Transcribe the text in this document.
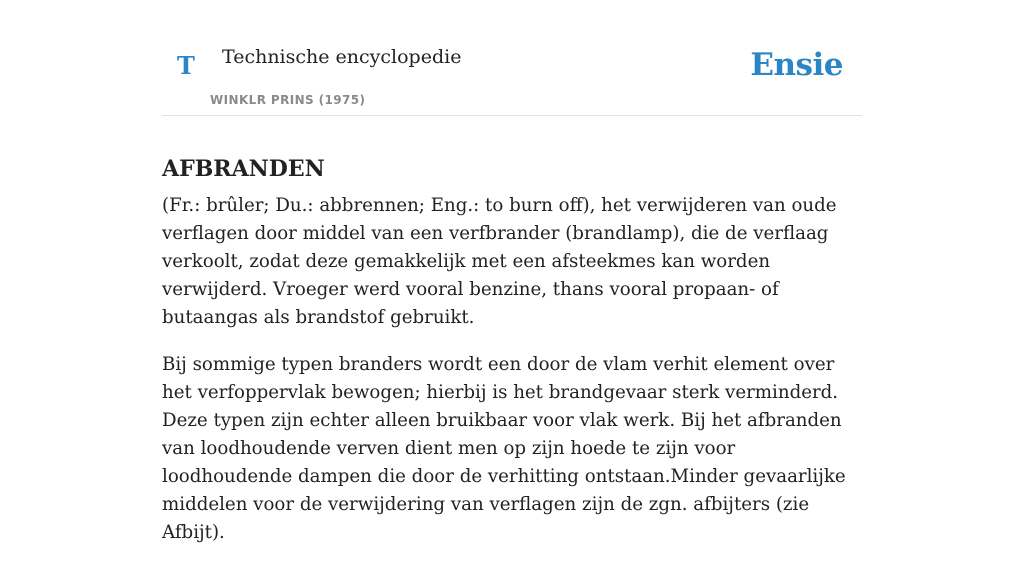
T Technische encyclopedie
WINKLR PRINS (1975)
Ensie
AFBRANDEN

(Fr.: brûler; Du.: abbrennen; Eng.: to burn off), het verwijderen van oude verflagen door middel van een verfbrander (brandlamp), die de verflaag verkoolt, zodat deze gemakkelijk met een afsteekmes kan worden verwijderd. Vroeger werd vooral benzine, thans vooral propaan- of butaangas als brandstof gebruikt.

Bij sommige typen branders wordt een door de vlam verhit element over het verfoppervlak bewogen; hierbij is het brandgevaar sterk verminderd. Deze typen zijn echter alleen bruikbaar voor vlak werk. Bij het afbranden van loodhoudende verven dient men op zijn hoede te zijn voor loodhoudende dampen die door de verhitting ontstaan.Minder gevaarlijke middelen voor de verwijdering van verflagen zijn de zgn. afbijters (zie Afbijt).
